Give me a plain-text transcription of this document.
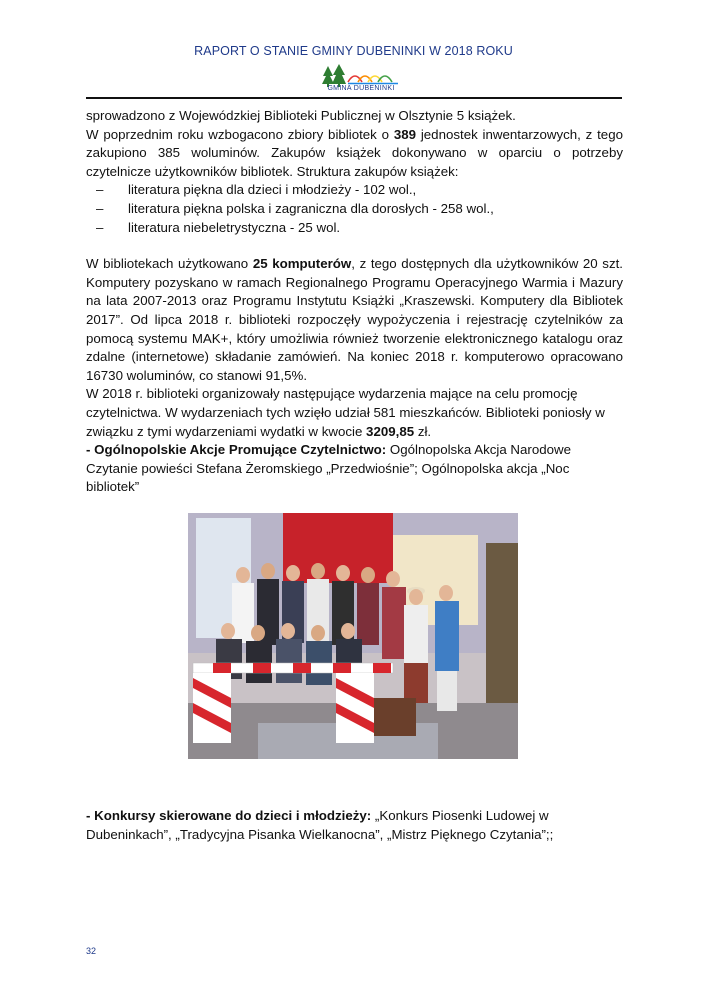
RAPORT O STANIE GMINY DUBENINKI W 2018 ROKU
GMINA DUBENINKI

sprowadzono z Wojewódzkiej Biblioteki Publicznej w Olsztynie 5 książek.

W poprzednim roku wzbogacono zbiory bibliotek o 389 jednostek inwentarzowych, z tego zakupiono 385 woluminów. Zakupów książek dokonywano w oparciu o potrzeby czytelnicze użytkowników bibliotek. Struktura zakupów książek:

– literatura piękna dla dzieci i młodzieży - 102 wol.,
– literatura piękna polska i zagraniczna dla dorosłych - 258 wol.,
– literatura niebeletrystyczna - 25 wol.

W bibliotekach użytkowano 25 komputerów, z tego dostępnych dla użytkowników 20 szt. Komputery pozyskano w ramach Regionalnego Programu Operacyjnego Warmia i Mazury na lata 2007-2013 oraz Programu Instytutu Książki „Kraszewski. Komputery dla Bibliotek 2017”. Od lipca 2018 r. biblioteki rozpoczęły wypożyczenia i rejestrację czytelników za pomocą systemu MAK+, który umożliwia również tworzenie elektronicznego katalogu oraz zdalne (internetowe) składanie zamówień. Na koniec 2018 r. komputerowo opracowano 16730 woluminów, co stanowi 91,5%.

W 2018 r. biblioteki organizowały następujące wydarzenia mające na celu promocję czytelnictwa. W wydarzeniach tych wzięło udział 581 mieszkańców. Biblioteki poniosły w związku z tymi wydarzeniami wydatki w kwocie 3209,85 zł.

- Ogólnopolskie Akcje Promujące Czytelnictwo: Ogólnopolska Akcja Narodowe Czytanie powieści Stefana Żeromskiego „Przedwiośnie”; Ogólnopolska akcja „Noc bibliotek”

- Konkursy skierowane do dzieci i młodzieży: „Konkurs Piosenki Ludowej w Dubeninkach”, „Tradycyjna Pisanka Wielkanocna”, „Mistrz Pięknego Czytania”;;

32
